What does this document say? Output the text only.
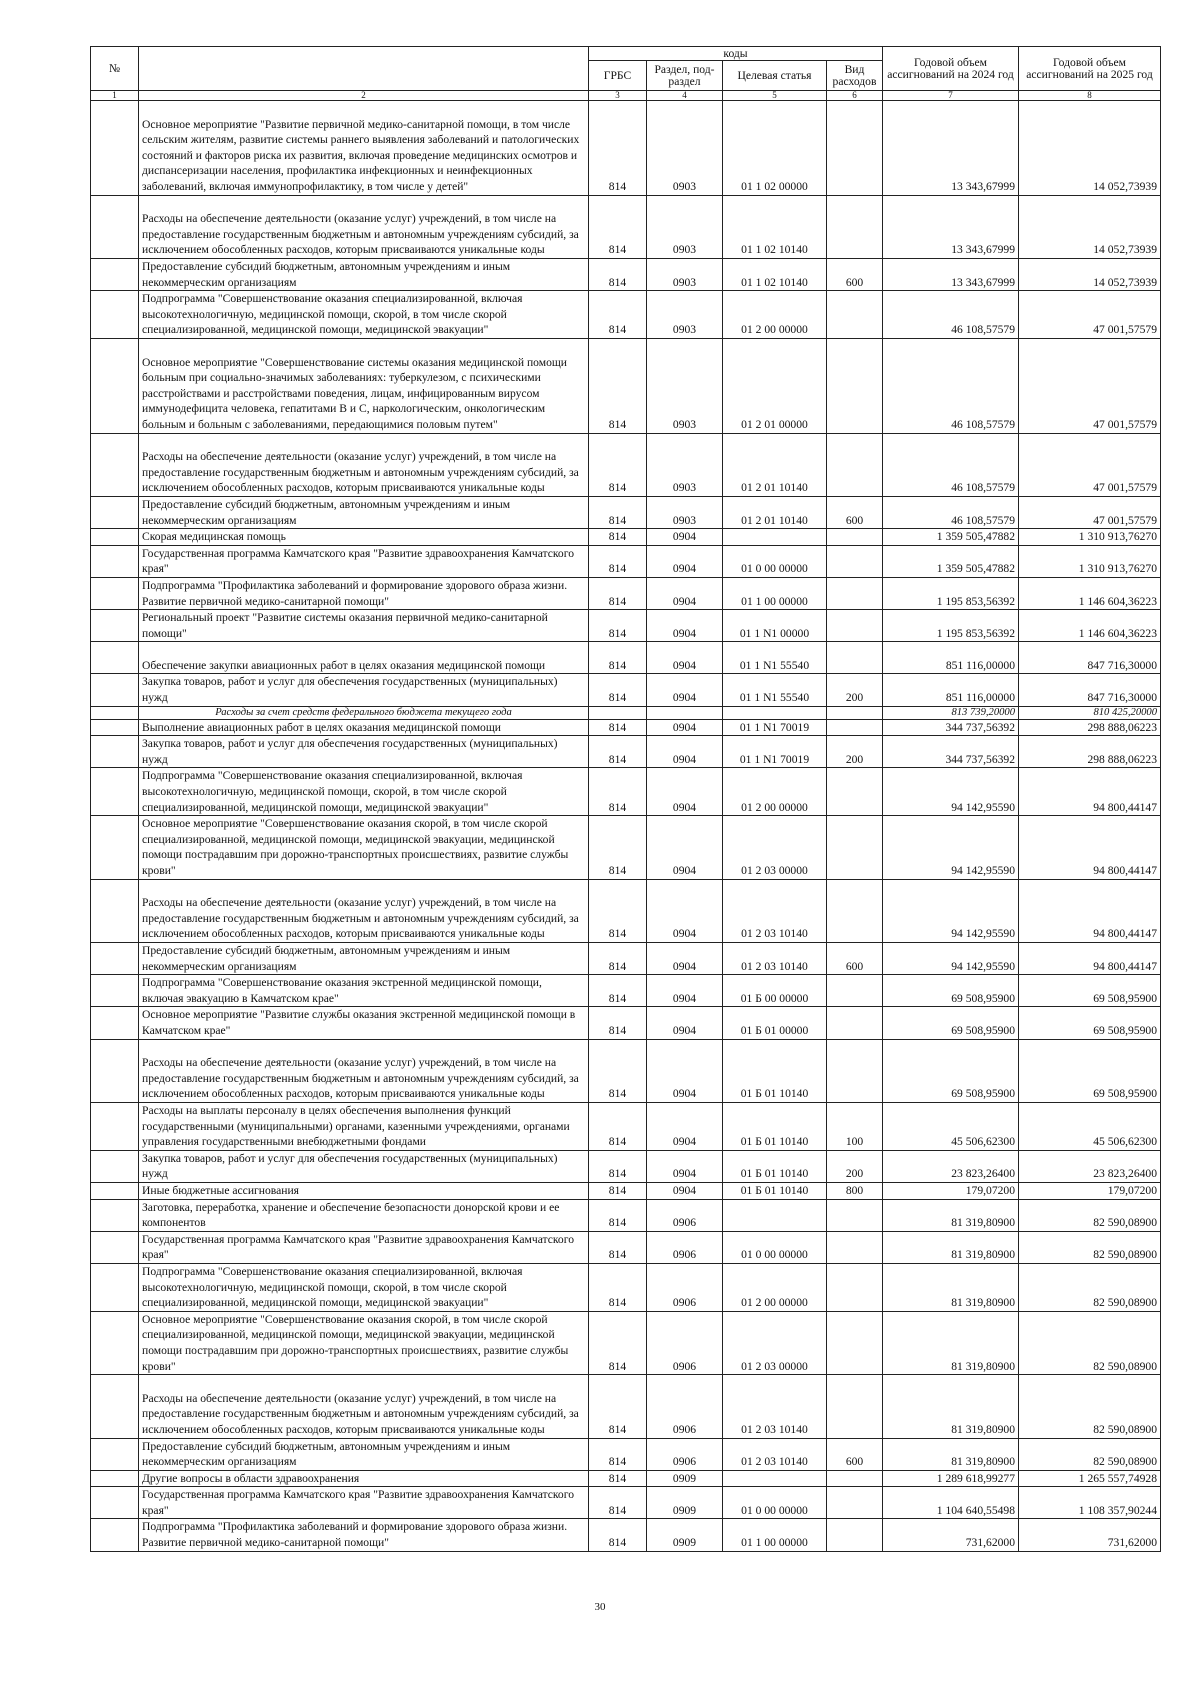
№		коды				Годовой объем ассигнований на 2024 год	Годовой объем ассигнований на 2025 год
		ГРБС	Раздел, под-раздел	Целевая статья	Вид расходов		
1	2	3	4	5	6	7	8
	Основное мероприятие "Развитие первичной медико-санитарной помощи, в том числе сельским жителям, развитие системы раннего выявления заболеваний и патологических состояний и факторов риска их развития, включая проведение медицинских осмотров и диспансеризации населения, профилактика инфекционных и неинфекционных заболеваний, включая иммунопрофилактику, в том числе у детей"	814	0903	01 1 02 00000		13 343,67999	14 052,73939
	Расходы на обеспечение деятельности (оказание услуг) учреждений, в том числе на предоставление государственным бюджетным и автономным учреждениям субсидий, за исключением обособленных расходов, которым присваиваются уникальные коды	814	0903	01 1 02 10140		13 343,67999	14 052,73939
	Предоставление субсидий бюджетным, автономным учреждениям и иным некоммерческим организациям	814	0903	01 1 02 10140	600	13 343,67999	14 052,73939
	Подпрограмма "Совершенствование оказания специализированной, включая высокотехнологичную, медицинской помощи, скорой, в том числе скорой специализированной, медицинской помощи, медицинской эвакуации"	814	0903	01 2 00 00000		46 108,57579	47 001,57579
	Основное мероприятие "Совершенствование системы оказания медицинской помощи больным при социально-значимых заболеваниях: туберкулезом, с психическими расстройствами и расстройствами поведения, лицам, инфицированным вирусом иммунодефицита человека, гепатитами В и С, наркологическим, онкологическим больным и больным с заболеваниями, передающимися половым путем"	814	0903	01 2 01 00000		46 108,57579	47 001,57579
	Расходы на обеспечение деятельности (оказание услуг) учреждений, в том числе на предоставление государственным бюджетным и автономным учреждениям субсидий, за исключением обособленных расходов, которым присваиваются уникальные коды	814	0903	01 2 01 10140		46 108,57579	47 001,57579
	Предоставление субсидий бюджетным, автономным учреждениям и иным некоммерческим организациям	814	0903	01 2 01 10140	600	46 108,57579	47 001,57579
	Скорая медицинская помощь	814	0904			1 359 505,47882	1 310 913,76270
	Государственная программа Камчатского края "Развитие здравоохранения Камчатского края"	814	0904	01 0 00 00000		1 359 505,47882	1 310 913,76270
	Подпрограмма "Профилактика заболеваний и формирование здорового образа жизни. Развитие первичной медико-санитарной помощи"	814	0904	01 1 00 00000		1 195 853,56392	1 146 604,36223
	Региональный проект "Развитие системы оказания первичной медико-санитарной помощи"	814	0904	01 1 N1 00000		1 195 853,56392	1 146 604,36223
	Обеспечение закупки авиационных работ в целях оказания медицинской помощи	814	0904	01 1 N1 55540		851 116,00000	847 716,30000
	Закупка товаров, работ и услуг для обеспечения государственных (муниципальных) нужд	814	0904	01 1 N1 55540	200	851 116,00000	847 716,30000
	Расходы за счет средств федерального бюджета текущего года					813 739,20000	810 425,20000
	Выполнение авиационных работ в целях оказания медицинской помощи	814	0904	01 1 N1 70019		344 737,56392	298 888,06223
	Закупка товаров, работ и услуг для обеспечения государственных (муниципальных) нужд	814	0904	01 1 N1 70019	200	344 737,56392	298 888,06223
	Подпрограмма "Совершенствование оказания специализированной, включая высокотехнологичную, медицинской помощи, скорой, в том числе скорой специализированной, медицинской помощи, медицинской эвакуации"	814	0904	01 2 00 00000		94 142,95590	94 800,44147
	Основное мероприятие "Совершенствование оказания скорой, в том числе скорой специализированной, медицинской помощи, медицинской эвакуации, медицинской помощи пострадавшим при дорожно-транспортных происшествиях, развитие службы крови"	814	0904	01 2 03 00000		94 142,95590	94 800,44147
	Расходы на обеспечение деятельности (оказание услуг) учреждений, в том числе на предоставление государственным бюджетным и автономным учреждениям субсидий, за исключением обособленных расходов, которым присваиваются уникальные коды	814	0904	01 2 03 10140		94 142,95590	94 800,44147
	Предоставление субсидий бюджетным, автономным учреждениям и иным некоммерческим организациям	814	0904	01 2 03 10140	600	94 142,95590	94 800,44147
	Подпрограмма "Совершенствование оказания экстренной медицинской помощи, включая эвакуацию в Камчатском крае"	814	0904	01 Б 00 00000		69 508,95900	69 508,95900
	Основное мероприятие "Развитие службы оказания экстренной медицинской помощи в Камчатском крае"	814	0904	01 Б 01 00000		69 508,95900	69 508,95900
	Расходы на обеспечение деятельности (оказание услуг) учреждений, в том числе на предоставление государственным бюджетным и автономным учреждениям субсидий, за исключением обособленных расходов, которым присваиваются уникальные коды	814	0904	01 Б 01 10140		69 508,95900	69 508,95900
	Расходы на выплаты персоналу в целях обеспечения выполнения функций государственными (муниципальными) органами, казенными учреждениями, органами управления государственными внебюджетными фондами	814	0904	01 Б 01 10140	100	45 506,62300	45 506,62300
	Закупка товаров, работ и услуг для обеспечения государственных (муниципальных) нужд	814	0904	01 Б 01 10140	200	23 823,26400	23 823,26400
	Иные бюджетные ассигнования	814	0904	01 Б 01 10140	800	179,07200	179,07200
	Заготовка, переработка, хранение и обеспечение безопасности донорской крови и ее компонентов	814	0906			81 319,80900	82 590,08900
	Государственная программа Камчатского края "Развитие здравоохранения Камчатского края"	814	0906	01 0 00 00000		81 319,80900	82 590,08900
	Подпрограмма "Совершенствование оказания специализированной, включая высокотехнологичную, медицинской помощи, скорой, в том числе скорой специализированной, медицинской помощи, медицинской эвакуации"	814	0906	01 2 00 00000		81 319,80900	82 590,08900
	Основное мероприятие "Совершенствование оказания скорой, в том числе скорой специализированной, медицинской помощи, медицинской эвакуации, медицинской помощи пострадавшим при дорожно-транспортных происшествиях, развитие службы крови"	814	0906	01 2 03 00000		81 319,80900	82 590,08900
	Расходы на обеспечение деятельности (оказание услуг) учреждений, в том числе на предоставление государственным бюджетным и автономным учреждениям субсидий, за исключением обособленных расходов, которым присваиваются уникальные коды	814	0906	01 2 03 10140		81 319,80900	82 590,08900
	Предоставление субсидий бюджетным, автономным учреждениям и иным некоммерческим организациям	814	0906	01 2 03 10140	600	81 319,80900	82 590,08900
	Другие вопросы в области здравоохранения	814	0909			1 289 618,99277	1 265 557,74928
	Государственная программа Камчатского края "Развитие здравоохранения Камчатского края"	814	0909	01 0 00 00000		1 104 640,55498	1 108 357,90244
	Подпрограмма "Профилактика заболеваний и формирование здорового образа жизни. Развитие первичной медико-санитарной помощи"	814	0909	01 1 00 00000		731,62000	731,62000
30
